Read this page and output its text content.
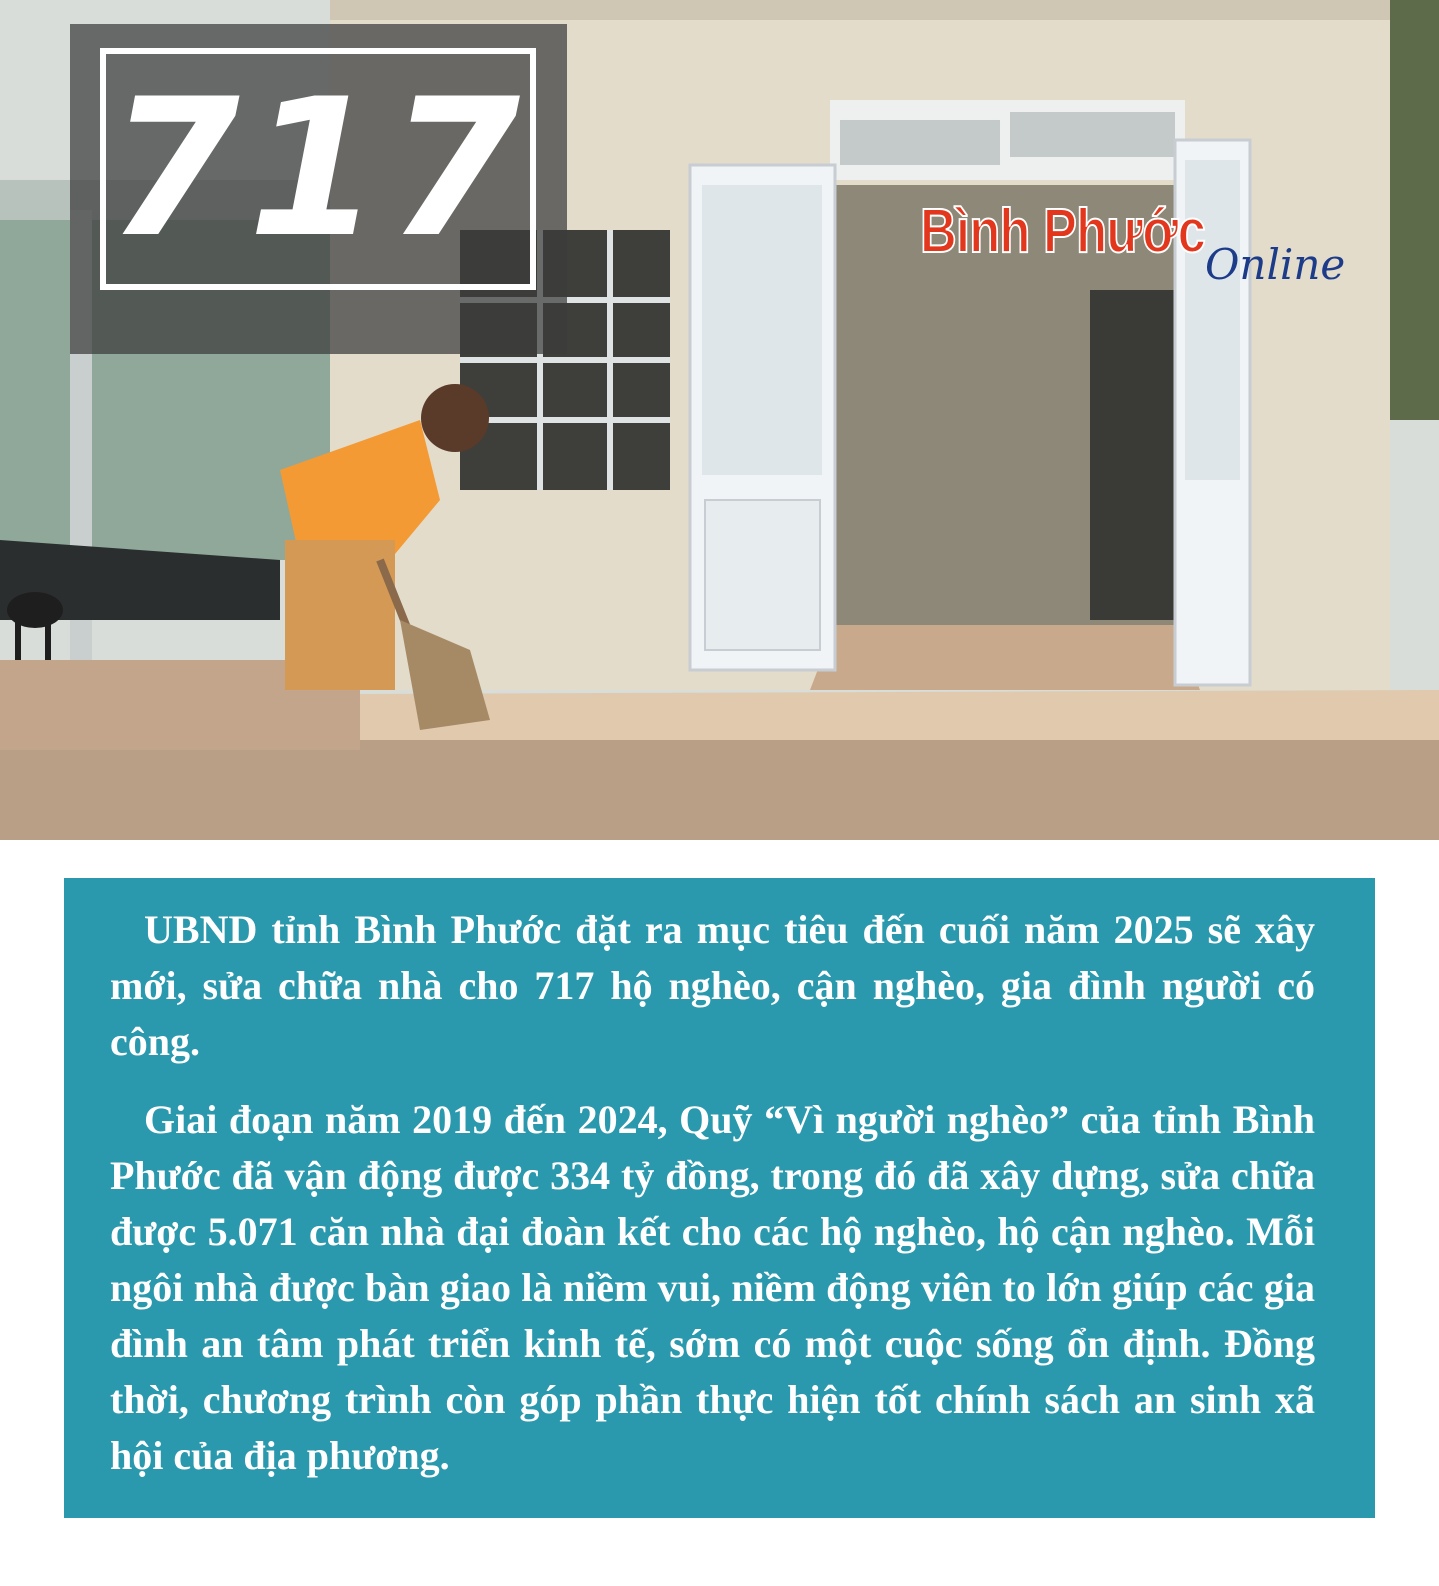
717	Bình Phước Online

UBND tỉnh Bình Phước đặt ra mục tiêu đến cuối năm 2025 sẽ xây mới, sửa chữa nhà cho 717 hộ nghèo, cận nghèo, gia đình người có công.

Giai đoạn năm 2019 đến 2024, Quỹ “Vì người nghèo” của tỉnh Bình Phước đã vận động được 334 tỷ đồng, trong đó đã xây dựng, sửa chữa được 5.071 căn nhà đại đoàn kết cho các hộ nghèo, hộ cận nghèo. Mỗi ngôi nhà được bàn giao là niềm vui, niềm động viên to lớn giúp các gia đình an tâm phát triển kinh tế, sớm có một cuộc sống ổn định. Đồng thời, chương trình còn góp phần thực hiện tốt chính sách an sinh xã hội của địa phương.
